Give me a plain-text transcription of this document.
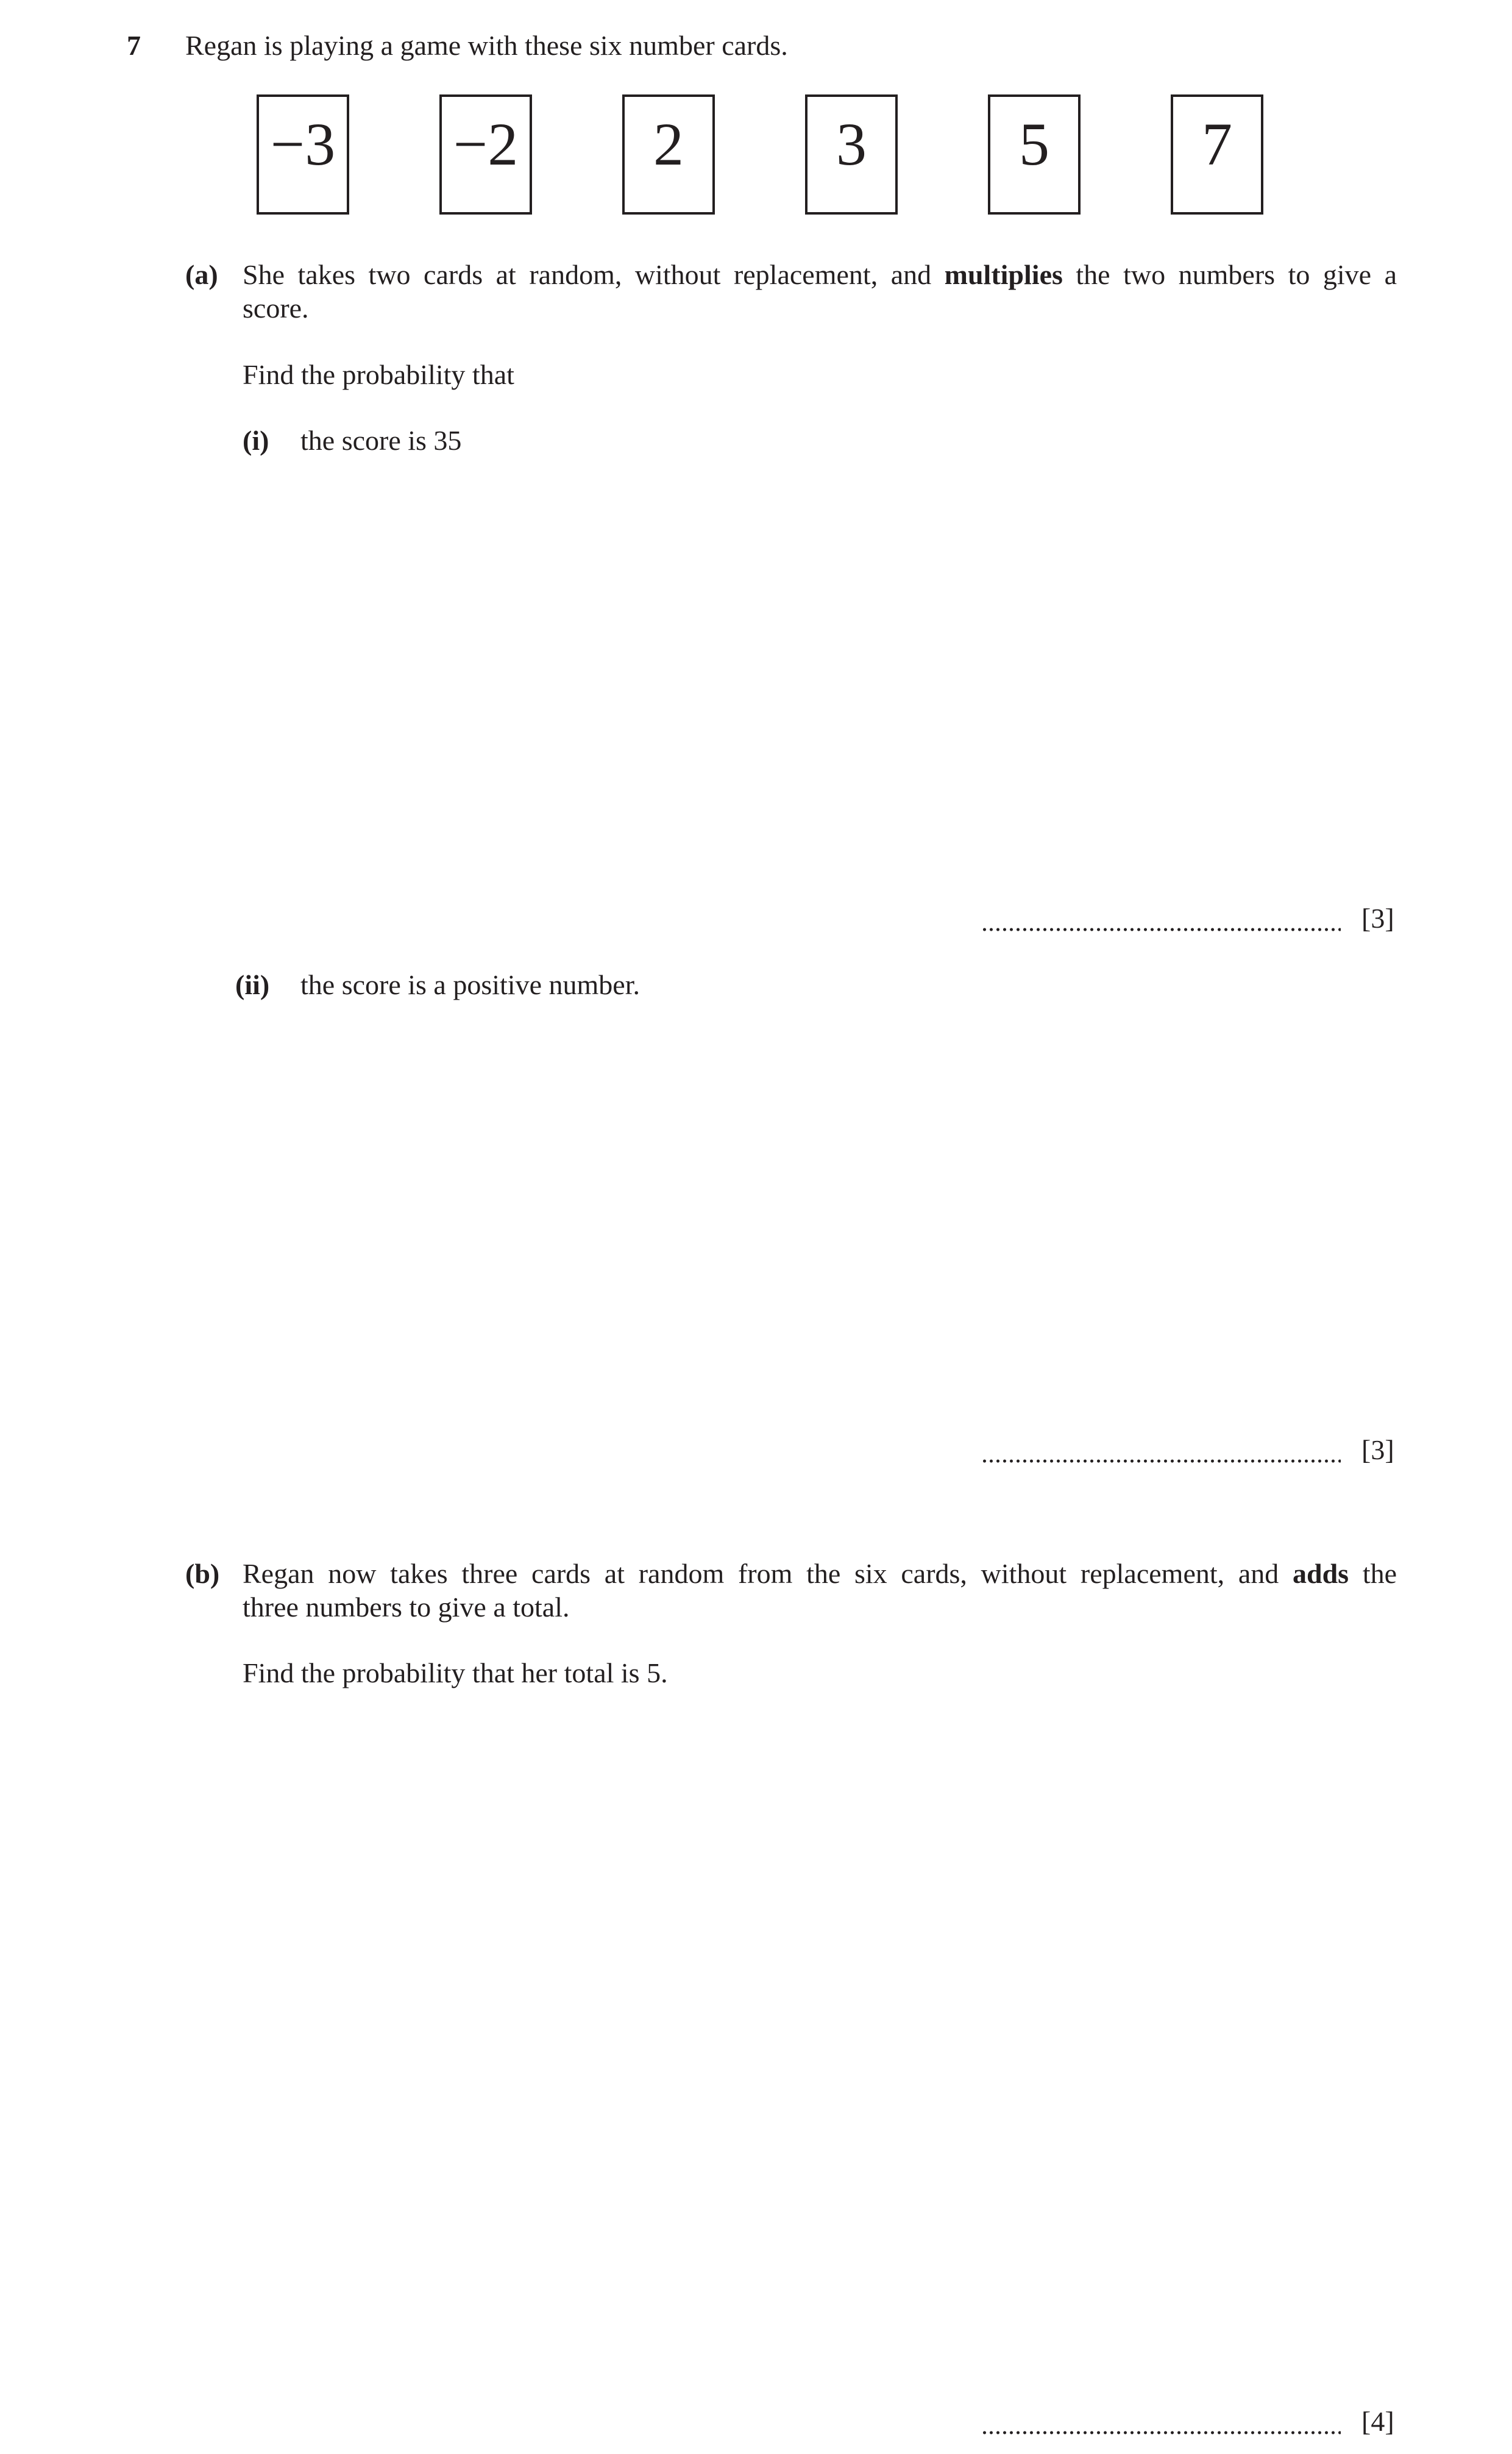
7 Regan is playing a game with these six number cards.
−3 −2	2	3	5	7
(a) She takes two cards at random, without replacement, and multiplies the two numbers to give a
score.
Find the probability that
(i) the score is 35
[3]
(ii) the score is a positive number.
[3]
(b) Regan now takes three cards at random from the six cards, without replacement, and adds the
three numbers to give a total.
Find the probability that her total is 5.
[4]
